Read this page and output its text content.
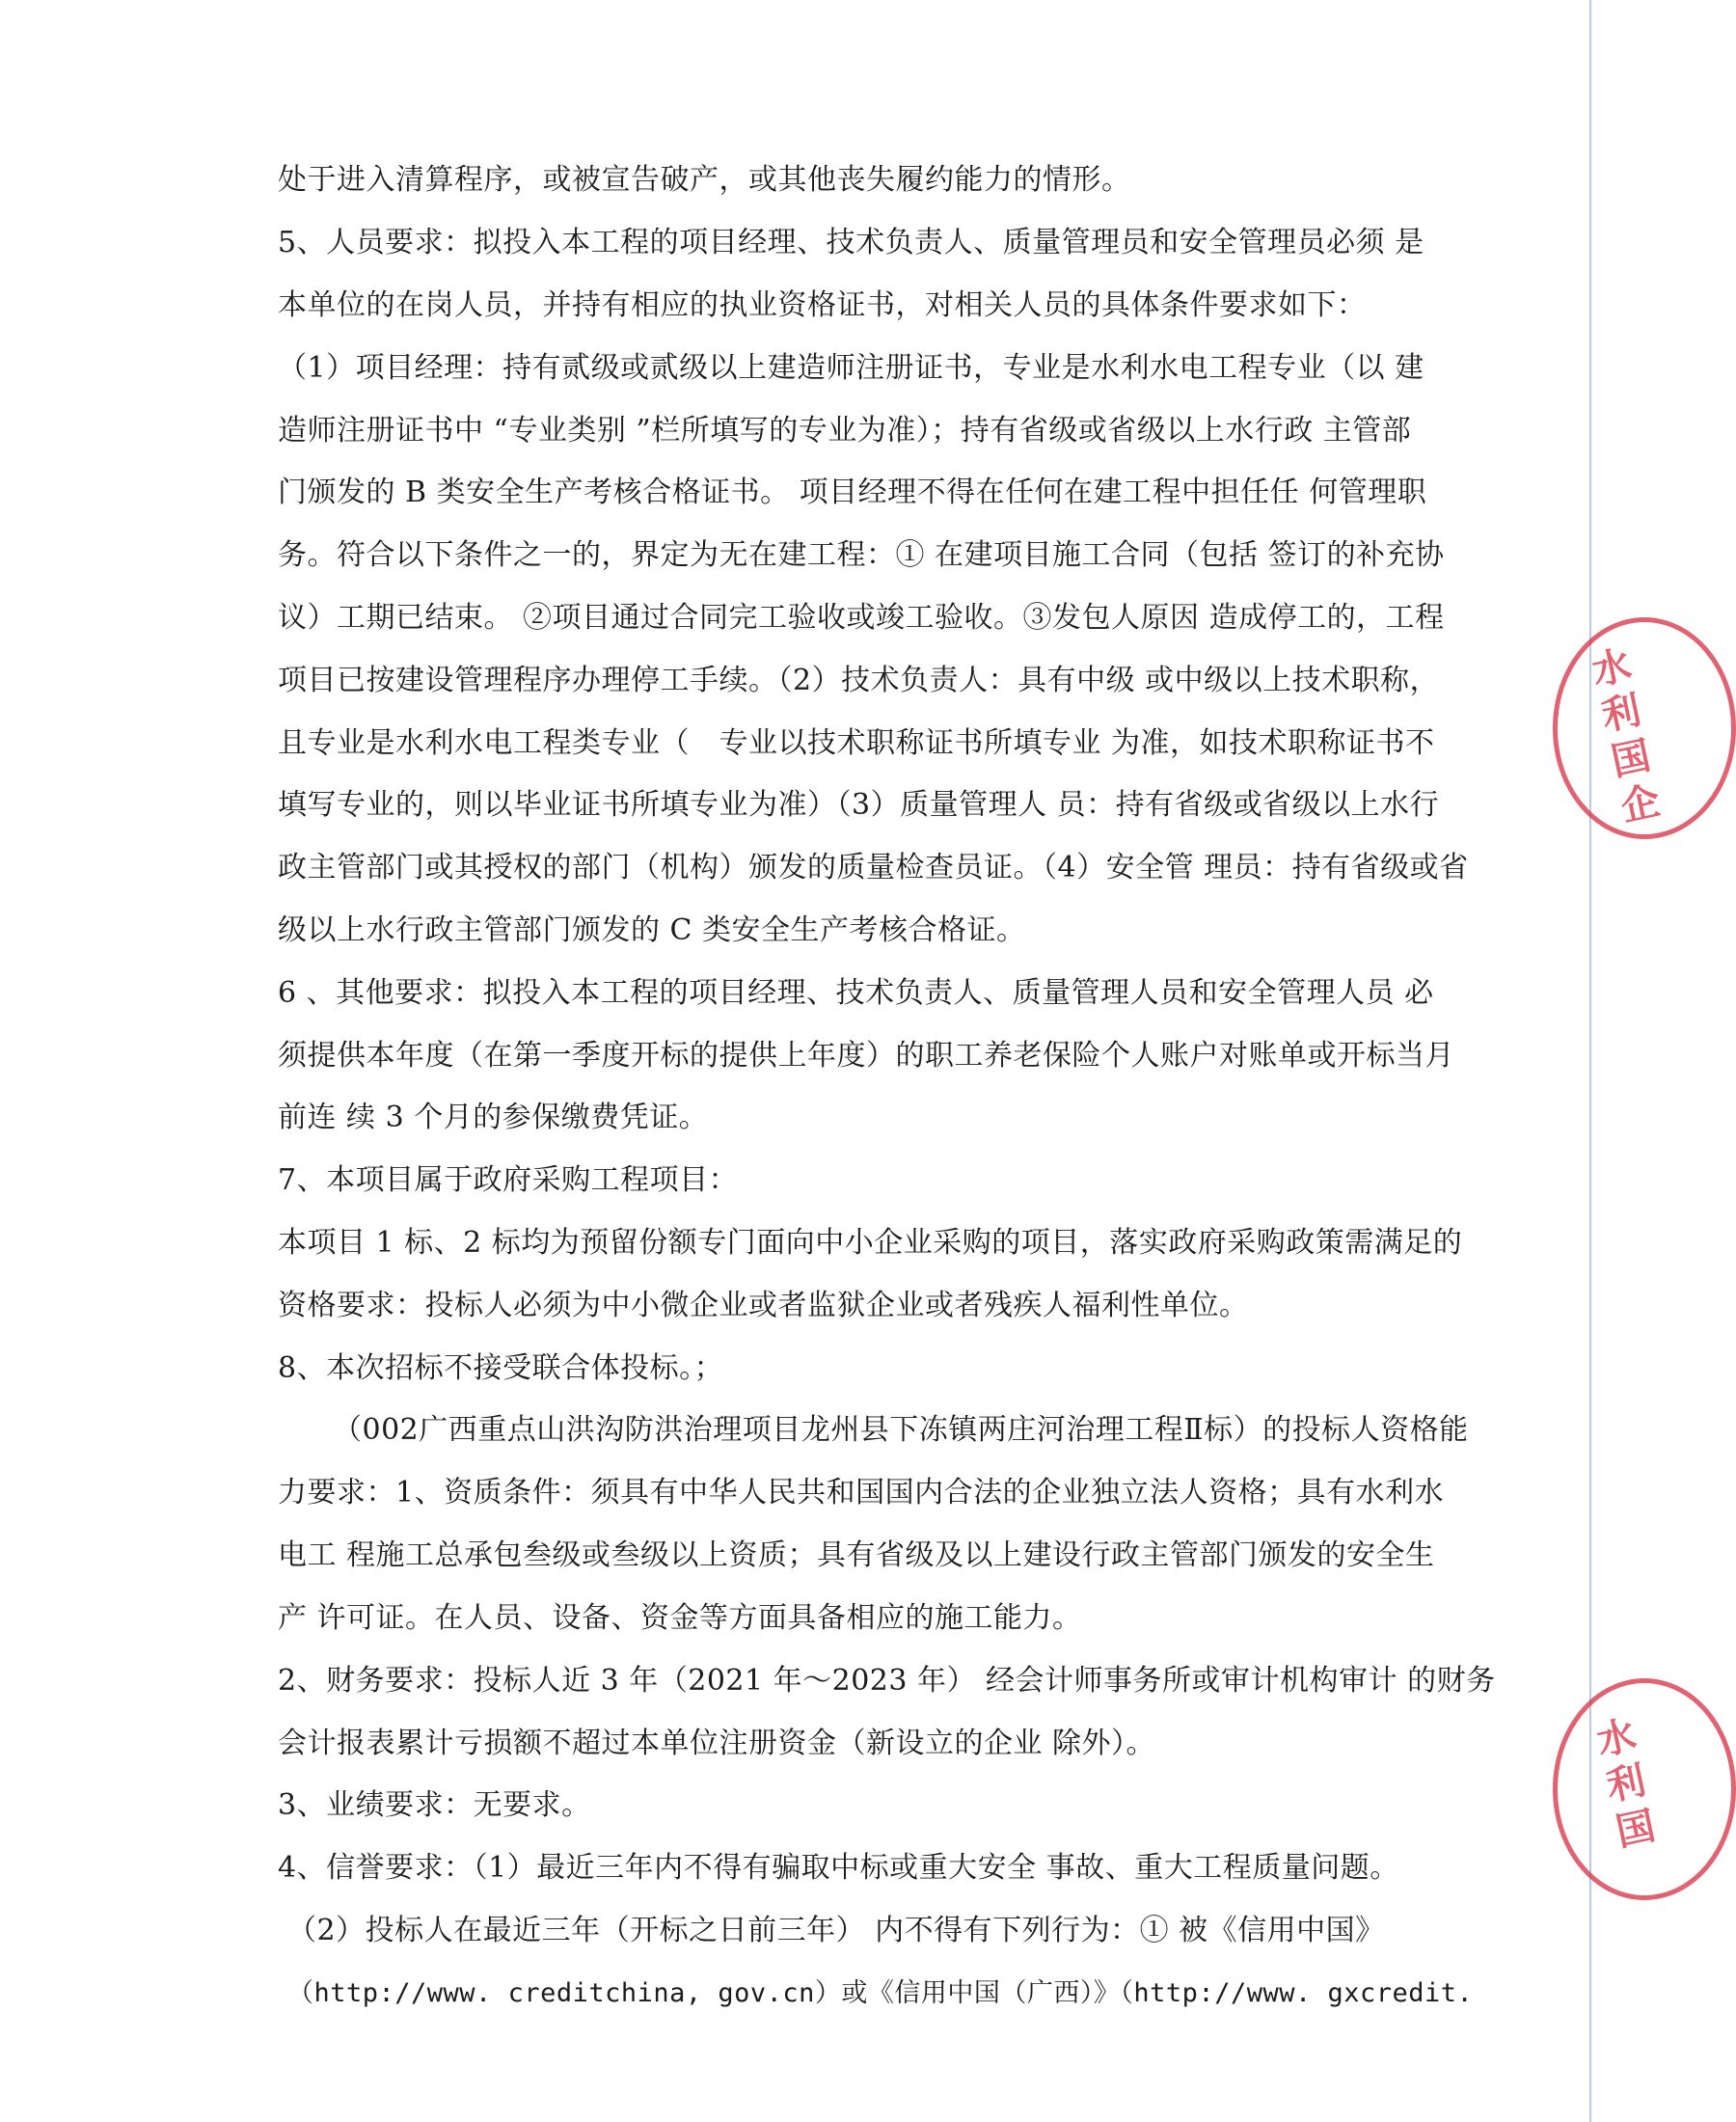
处于进入清算程序，或被宣告破产，或其他丧失履约能力的情形。
5、人员要求：拟投入本工程的项目经理、技术负责人、质量管理员和安全管理员必须 是
本单位的在岗人员，并持有相应的执业资格证书，对相关人员的具体条件要求如下：
（1）项目经理：持有贰级或贰级以上建造师注册证书，专业是水利水电工程专业（以 建
造师注册证书中 “专业类别 ”栏所填写的专业为准）；持有省级或省级以上水行政 主管部
门颁发的 B 类安全生产考核合格证书。 项目经理不得在任何在建工程中担任任 何管理职
务。符合以下条件之一的，界定为无在建工程：① 在建项目施工合同（包括 签订的补充协
议）工期已结束。 ②项目通过合同完工验收或竣工验收。③发包人原因 造成停工的，工程
项目已按建设管理程序办理停工手续。（2）技术负责人：具有中级 或中级以上技术职称，
且专业是水利水电工程类专业（　专业以技术职称证书所填专业 为准，如技术职称证书不
填写专业的，则以毕业证书所填专业为准）（3）质量管理人 员：持有省级或省级以上水行
政主管部门或其授权的部门（机构）颁发的质量检查员证。（4）安全管 理员：持有省级或省
级以上水行政主管部门颁发的 C 类安全生产考核合格证。
6 、其他要求：拟投入本工程的项目经理、技术负责人、质量管理人员和安全管理人员 必
须提供本年度（在第一季度开标的提供上年度）的职工养老保险个人账户对账单或开标当月
前连 续 3 个月的参保缴费凭证。
7、本项目属于政府采购工程项目：
本项目 1 标、2 标均为预留份额专门面向中小企业采购的项目，落实政府采购政策需满足的
资格要求：投标人必须为中小微企业或者监狱企业或者残疾人福利性单位。
8、本次招标不接受联合体投标。；
（002广西重点山洪沟防洪治理项目龙州县下冻镇两庄河治理工程Ⅱ标）的投标人资格能
力要求：1、资质条件：须具有中华人民共和国国内合法的企业独立法人资格；具有水利水
电工 程施工总承包叁级或叁级以上资质；具有省级及以上建设行政主管部门颁发的安全生
产 许可证。在人员、设备、资金等方面具备相应的施工能力。
2、财务要求：投标人近 3 年（2021 年～2023 年） 经会计师事务所或审计机构审计 的财务
会计报表累计亏损额不超过本单位注册资金（新设立的企业 除外）。
3、业绩要求：无要求。
4、信誉要求：（1）最近三年内不得有骗取中标或重大安全 事故、重大工程质量问题。
（2）投标人在最近三年（开标之日前三年） 内不得有下列行为：① 被《信用中国》
（http://www. creditchina, gov.cn）或《信用中国（广西）》（http://www. gxcredit.
水利国企
水利国
